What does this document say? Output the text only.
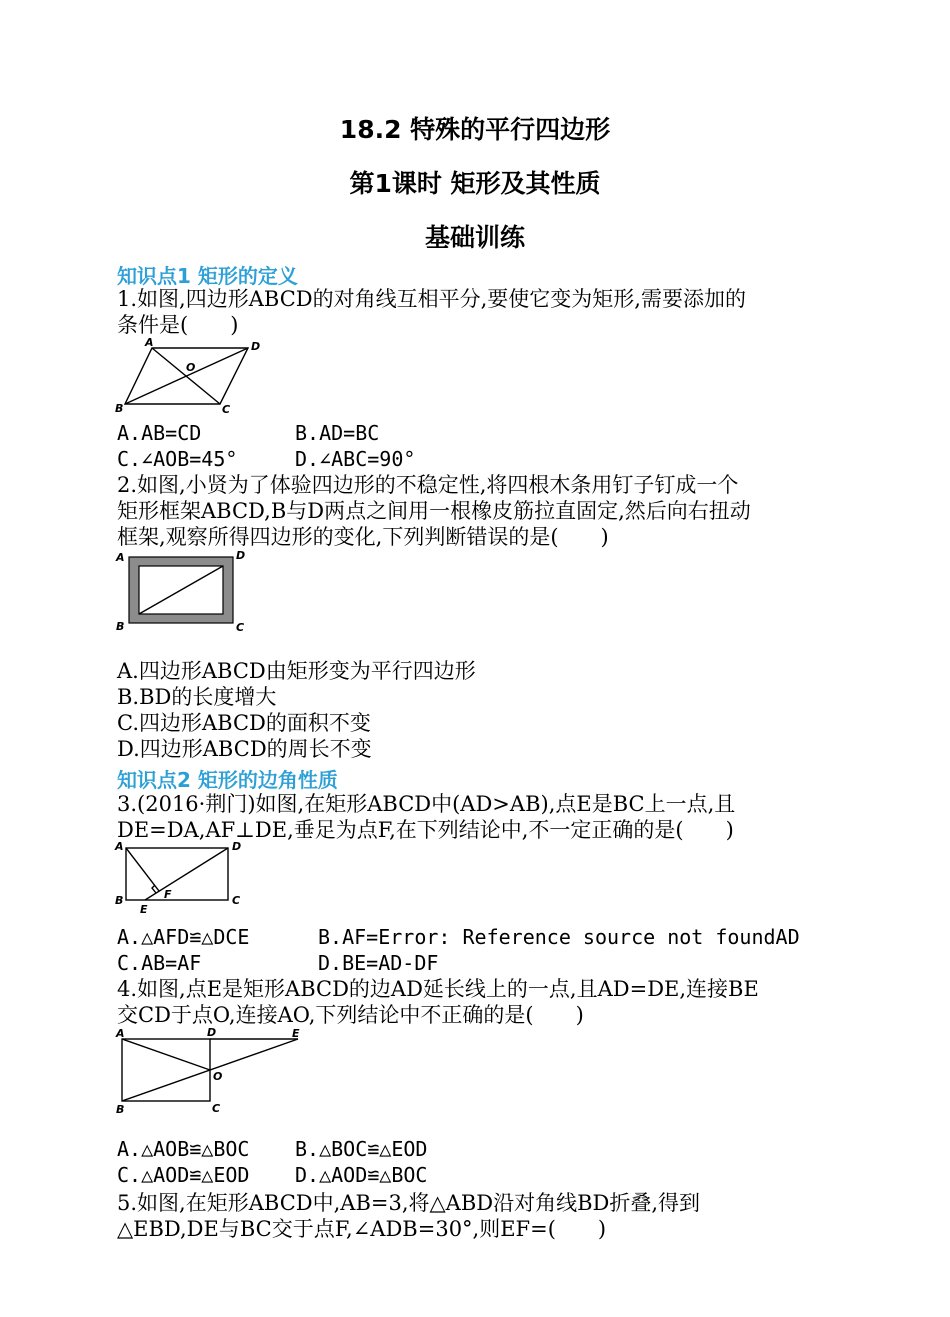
18.2 特殊的平行四边形
第1课时 矩形及其性质
基础训练
知识点1 矩形的定义
1.如图,四边形ABCD的对角线互相平分,要使它变为矩形,需要添加的
条件是(　　)
A	D
B	C
O
A.AB=CD	B.AD=BC
C.∠AOB=45°	D.∠ABC=90°
2.如图,小贤为了体验四边形的不稳定性,将四根木条用钉子钉成一个
矩形框架ABCD,B与D两点之间用一根橡皮筋拉直固定,然后向右扭动
框架,观察所得四边形的变化,下列判断错误的是(　　)
A	D
B	C
A.四边形ABCD由矩形变为平行四边形
B.BD的长度增大
C.四边形ABCD的面积不变
D.四边形ABCD的周长不变
知识点2 矩形的边角性质
3.(2016·荆门)如图,在矩形ABCD中(AD>AB),点E是BC上一点,且
DE=DA,AF⊥DE,垂足为点F,在下列结论中,不一定正确的是(　　)
A	D
B	C
E
F
A.△AFD≌△DCE	B.AF=Error: Reference source not foundAD
C.AB=AF	D.BE=AD-DF
4.如图,点E是矩形ABCD的边AD延长线上的一点,且AD=DE,连接BE
交CD于点O,连接AO,下列结论中不正确的是(　　)
A	D	E
O
B	C
A.△AOB≌△BOC B.△BOC≌△EOD
C.△AOD≌△EOD D.△AOD≌△BOC
5.如图,在矩形ABCD中,AB=3,将△ABD沿对角线BD折叠,得到
△EBD,DE与BC交于点F,∠ADB=30°,则EF=(　　)
